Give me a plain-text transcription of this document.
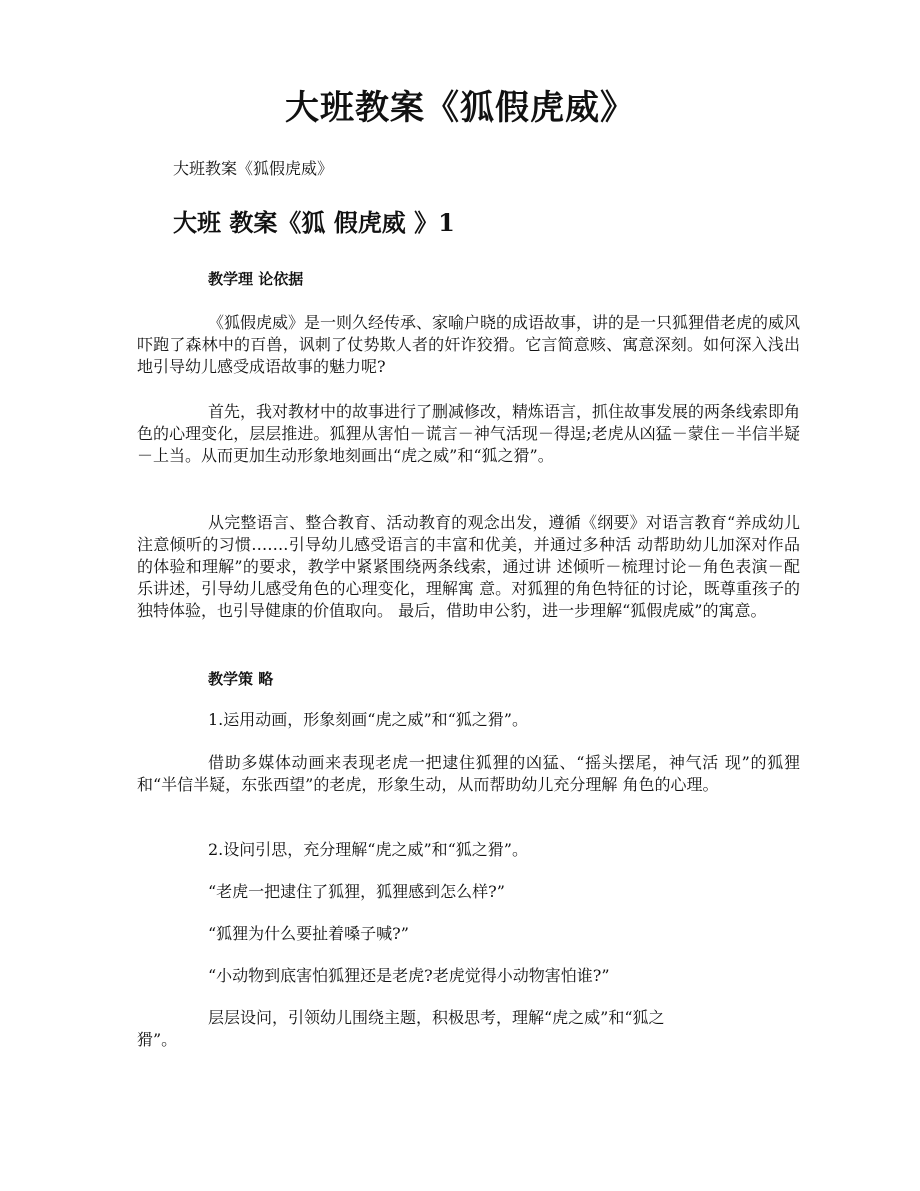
大班教案《狐假虎威》
大班教案《狐假虎威》
大班 教案《狐 假虎威 》1
教学理 论依据
《狐假虎威》是一则久经传承、家喻户晓的成语故事，讲的是一只狐狸借老虎的威风吓跑了森林中的百兽，讽刺了仗势欺人者的奸诈狡猾。它言简意赅、寓意深刻。如何深入浅出地引导幼儿感受成语故事的魅力呢?
首先，我对教材中的故事进行了删减修改，精炼语言，抓住故事发展的两条线索即角色的心理变化，层层推进。狐狸从害怕－谎言－神气活现－得逞;老虎从凶猛－蒙住－半信半疑－上当。从而更加生动形象地刻画出“虎之威”和“狐之猾”。
从完整语言、整合教育、活动教育的观念出发，遵循《纲要》对语言教育“养成幼儿注意倾听的习惯…….引导幼儿感受语言的丰富和优美，并通过多种活 动帮助幼儿加深对作品的体验和理解”的要求，教学中紧紧围绕两条线索，通过讲 述倾听－梳理讨论－角色表演－配乐讲述，引导幼儿感受角色的心理变化，理解寓 意。对狐狸的角色特征的讨论，既尊重孩子的独特体验，也引导健康的价值取向。 最后，借助申公豹，进一步理解“狐假虎威”的寓意。
教学策 略
1.运用动画，形象刻画“虎之威”和“狐之猾”。
借助多媒体动画来表现老虎一把逮住狐狸的凶猛、“摇头摆尾，神气活 现”的狐狸和“半信半疑，东张西望”的老虎，形象生动，从而帮助幼儿充分理解 角色的心理。
2.设问引思，充分理解“虎之威”和“狐之猾”。
“老虎一把逮住了狐狸，狐狸感到怎么样?”
“狐狸为什么要扯着嗓子喊?”
“小动物到底害怕狐狸还是老虎?老虎觉得小动物害怕谁?”
层层设问，引领幼儿围绕主题，积极思考，理解“虎之威”和“狐之
猾”。
